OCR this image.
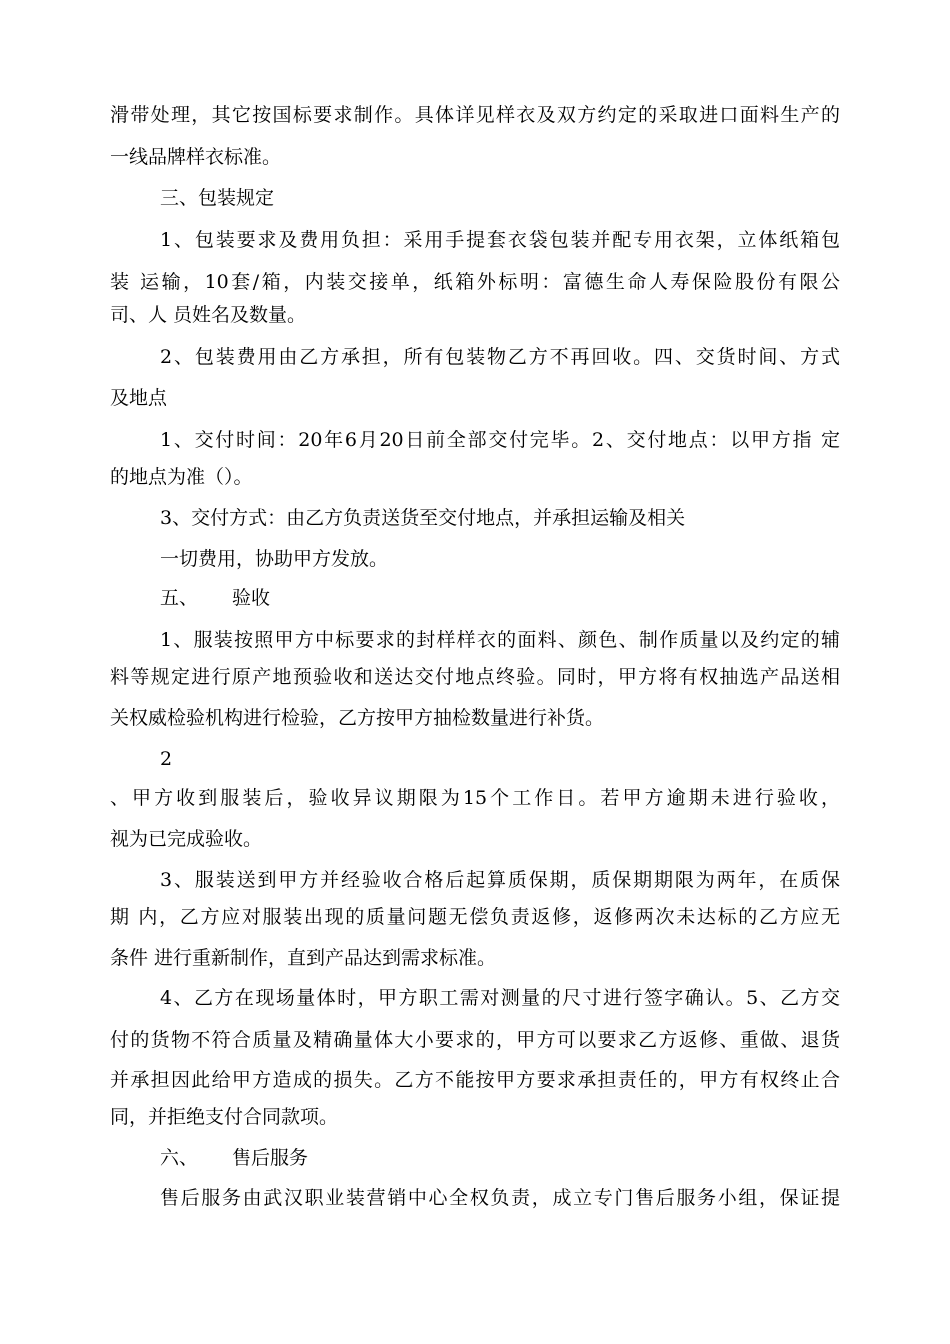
滑带处理，其它按国标要求制作。具体详见样衣及双方约定的采取进口面料生产的
一线品牌样衣标准。
三、包装规定
1、包装要求及费用负担：采用手提套衣袋包装并配专用衣架，立体纸箱包
装 运输，10套/箱，内装交接单，纸箱外标明：富德生命人寿保险股份有限公
司、人 员姓名及数量。
2、包装费用由乙方承担，所有包装物乙方不再回收。四、交货时间、方式
及地点
1、交付时间：20年6月20日前全部交付完毕。2、交付地点：以甲方指 定
的地点为准（）。
3、交付方式：由乙方负责送货至交付地点，并承担运输及相关
一切费用，协助甲方发放。
五、 验收
1、服装按照甲方中标要求的封样样衣的面料、颜色、制作质量以及约定的辅
料等规定进行原产地预验收和送达交付地点终验。同时，甲方将有权抽选产品送相
关权威检验机构进行检验，乙方按甲方抽检数量进行补货。
2
、甲方收到服装后，验收异议期限为15个工作日。若甲方逾期未进行验收，
视为已完成验收。
3、服装送到甲方并经验收合格后起算质保期，质保期期限为两年，在质保
期 内，乙方应对服装出现的质量问题无偿负责返修，返修两次未达标的乙方应无
条件 进行重新制作，直到产品达到需求标准。
4、乙方在现场量体时，甲方职工需对测量的尺寸进行签字确认。5、乙方交
付的货物不符合质量及精确量体大小要求的，甲方可以要求乙方返修、重做、退货
并承担因此给甲方造成的损失。乙方不能按甲方要求承担责任的，甲方有权终止合
同，并拒绝支付合同款项。
六、 售后服务
售后服务由武汉职业装营销中心全权负责，成立专门售后服务小组，保证提
